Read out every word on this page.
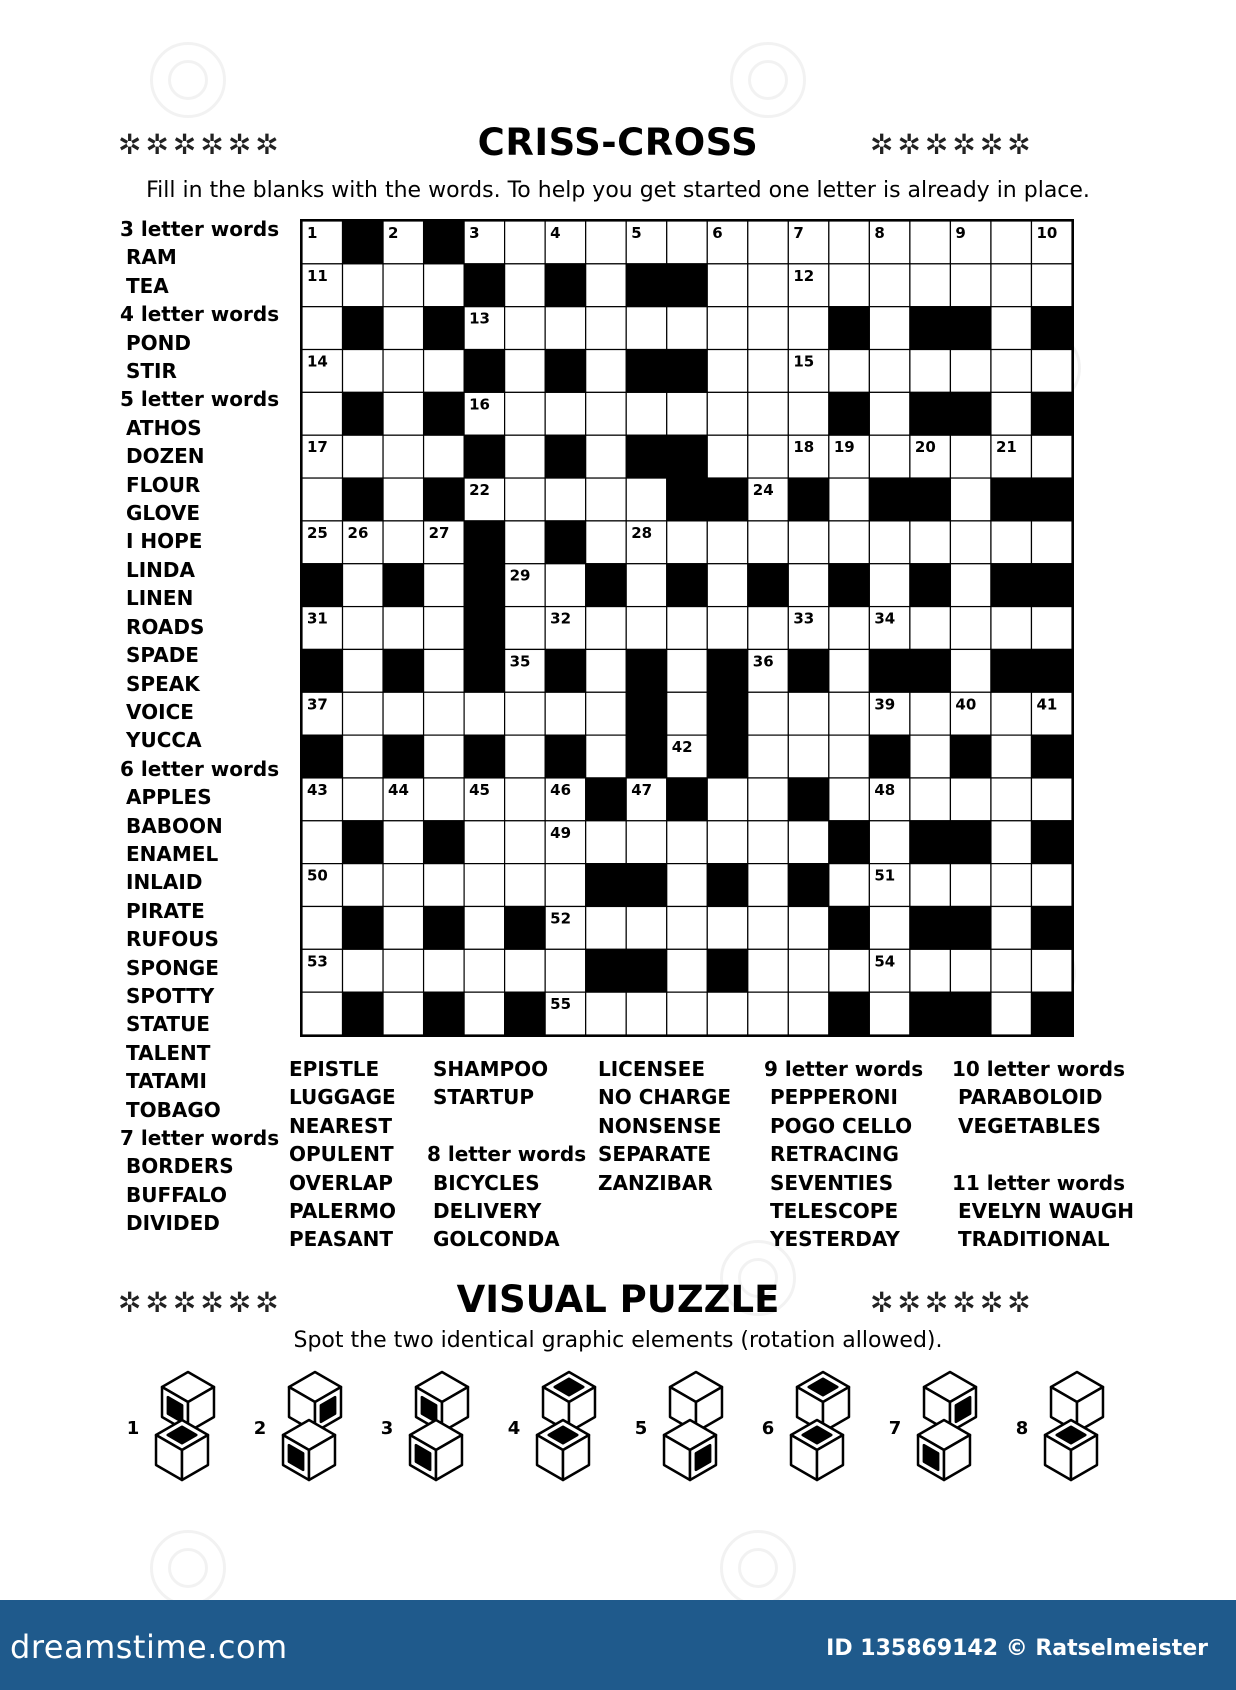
✲✲✲✲✲✲	✲✲✲✲✲✲
CRISS-CROSS
Fill in the blanks with the words. To help you get started one letter is already in place.
3 letter words
RAM
TEA
4 letter words
POND
STIR
5 letter words
ATHOS
DOZEN
FLOUR
GLOVE
I HOPE
LINDA
LINEN
ROADS
SPADE
SPEAK
VOICE
YUCCA
6 letter words
APPLES
BABOON
ENAMEL
INLAID
PIRATE
RUFOUS
SPONGE
SPOTTY
STATUE
TALENT
TATAMI
TOBAGO
7 letter words
BORDERS
BUFFALO
DIVIDED
EPISTLE
LUGGAGE
NEAREST
OPULENT
OVERLAP
PALERMO
PEASANT
SHAMPOO
STARTUP
8 letter words
BICYCLES
DELIVERY
GOLCONDA
LICENSEE
NO CHARGE
NONSENSE
SEPARATE
ZANZIBAR
9 letter words
PEPPERONI
POGO CELLO
RETRACING
SEVENTIES
TELESCOPE
YESTERDAY
10 letter words
PARABOLOID
VEGETABLES
11 letter words
EVELYN WAUGH
TRADITIONAL
1	2	3	4	5	6	7	8	9	10
11	12
13
14	15
16
17	18 19	20	21
22	23	24
25 26	27	28
29	30
31	32	33	34
35	36
37	38	39	40	41
42
43	44	45	46	47	48
49
50	51
52
53	54
55
O
✲✲✲✲✲✲	✲✲✲✲✲✲
VISUAL PUZZLE
Spot the two identical graphic elements (rotation allowed).
1	2	3	4	5	6	7	8
dreamstime.com	ID 135869142 © Ratselmeister
